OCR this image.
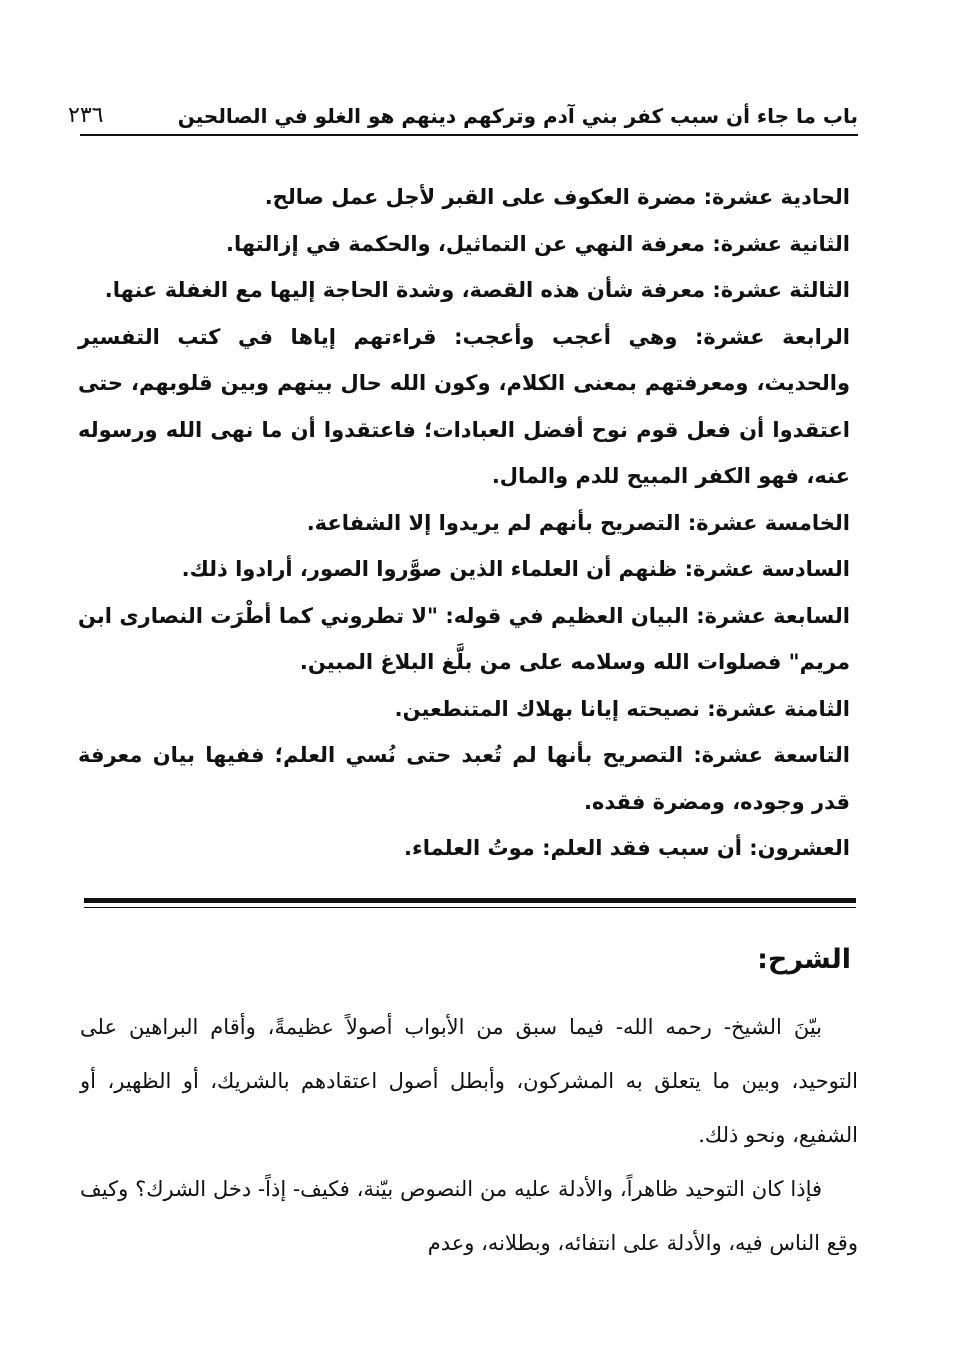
باب ما جاء أن سبب كفر بني آدم وتركهم دينهم هو الغلو في الصالحين
٢٣٦
الحادية عشرة: مضرة العكوف على القبر لأجل عمل صالح.
الثانية عشرة: معرفة النهي عن التماثيل، والحكمة في إزالتها.
الثالثة عشرة: معرفة شأن هذه القصة، وشدة الحاجة إليها مع الغفلة عنها.
الرابعة عشرة: وهي أعجب وأعجب: قراءتهم إياها في كتب التفسير والحديث، ومعرفتهم بمعنى الكلام، وكون الله حال بينهم وبين قلوبهم، حتى اعتقدوا أن فعل قوم نوح أفضل العبادات؛ فاعتقدوا أن ما نهى الله ورسوله عنه، فهو الكفر المبيح للدم والمال.
الخامسة عشرة: التصريح بأنهم لم يريدوا إلا الشفاعة.
السادسة عشرة: ظنهم أن العلماء الذين صوَّروا الصور، أرادوا ذلك.
السابعة عشرة: البيان العظيم في قوله: "لا تطروني كما أطْرَت النصارى ابن مريم" فصلوات الله وسلامه على من بلَّغ البلاغ المبين.
الثامنة عشرة: نصيحته إيانا بهلاك المتنطعين.
التاسعة عشرة: التصريح بأنها لم تُعبد حتى نُسي العلم؛ ففيها بيان معرفة قدر وجوده، ومضرة فقده.
العشرون: أن سبب فقد العلم: موتُ العلماء.
الشرح:

بيّنَ الشيخ- رحمه الله- فيما سبق من الأبواب أصولاً عظيمةً، وأقام البراهين على التوحيد، وبين ما يتعلق به المشركون، وأبطل أصول اعتقادهم بالشريك، أو الظهير، أو الشفيع، ونحو ذلك.

فإذا كان التوحيد ظاهراً، والأدلة عليه من النصوص بيّنة، فكيف- إذاً- دخل الشرك؟ وكيف وقع الناس فيه، والأدلة على انتفائه، وبطلانه، وعدم
